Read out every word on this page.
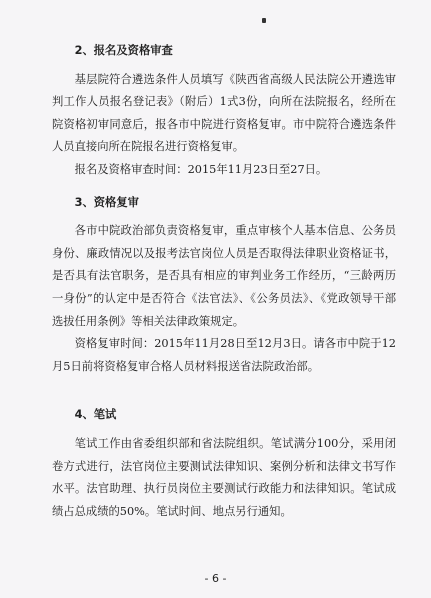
2、报名及资格审查

基层院符合遴选条件人员填写《陕西省高级人民法院公开遴选审判工作人员报名登记表》（附后）1式3份，向所在法院报名，经所在院资格初审同意后，报各市中院进行资格复审。市中院符合遴选条件人员直接向所在院报名进行资格复审。

报名及资格审查时间：2015年11月23日至27日。

3、资格复审

各市中院政治部负责资格复审，重点审核个人基本信息、公务员身份、廉政情况以及报考法官岗位人员是否取得法律职业资格证书，是否具有法官职务，是否具有相应的审判业务工作经历，“三龄两历一身份”的认定中是否符合《法官法》、《公务员法》、《党政领导干部选拔任用条例》等相关法律政策规定。

资格复审时间：2015年11月28日至12月3日。请各市中院于12月5日前将资格复审合格人员材料报送省法院政治部。

4、笔试

笔试工作由省委组织部和省法院组织。笔试满分100分，采用闭卷方式进行，法官岗位主要测试法律知识、案例分析和法律文书写作水平。法官助理、执行员岗位主要测试行政能力和法律知识。笔试成绩占总成绩的50%。笔试时间、地点另行通知。

- 6 -
